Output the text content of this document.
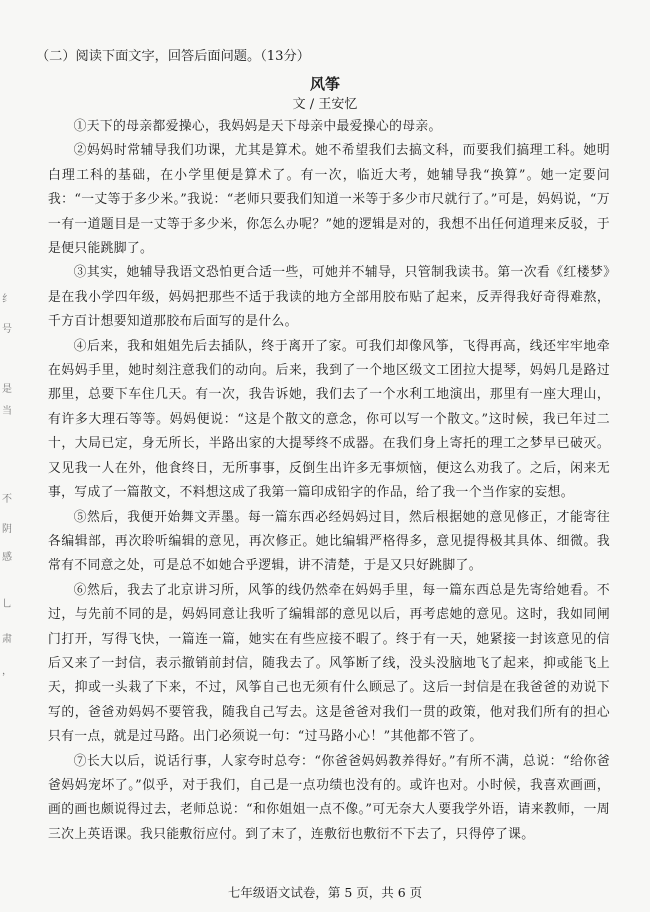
（二）阅读下面文字，回答后面问题。（13分）
风筝
文 / 王安忆

①天下的母亲都爱操心，我妈妈是天下母亲中最爱操心的母亲。

②妈妈时常辅导我们功课，尤其是算术。她不希望我们去搞文科，而要我们搞理工科。她明白理工科的基础，在小学里便是算术了。有一次，临近大考，她辅导我“换算”。她一定要问我：“一丈等于多少米。”我说：“老师只要我们知道一米等于多少市尺就行了。”可是，妈妈说，“万一有一道题目是一丈等于多少米，你怎么办呢？”她的逻辑是对的，我想不出任何道理来反驳，于是便只能跳脚了。

③其实，她辅导我语文恐怕更合适一些，可她并不辅导，只管制我读书。第一次看《红楼梦》是在我小学四年级，妈妈把那些不适于我读的地方全部用胶布贴了起来，反弄得我好奇得难熬，千方百计想要知道那胶布后面写的是什么。

④后来，我和姐姐先后去插队，终于离开了家。可我们却像风筝，飞得再高，线还牢牢地牵在妈妈手里，她时刻注意我们的动向。后来，我到了一个地区级文工团拉大提琴，妈妈几是路过那里，总要下车住几天。有一次，我告诉她，我们去了一个水利工地演出，那里有一座大理山，有许多大理石等等。妈妈便说：“这是个散文的意念，你可以写一个散文。”这时候，我已年过二十，大局已定，身无所长，半路出家的大提琴终不成器。在我们身上寄托的理工之梦早已破灭。又见我一人在外，他食终日，无所事事，反倒生出许多无事烦恼，便这么劝我了。之后，闲来无事，写成了一篇散文，不料想这成了我第一篇印成铅字的作品，给了我一个当作家的妄想。

⑤然后，我便开始舞文弄墨。每一篇东西必经妈妈过目，然后根据她的意见修正，才能寄往各编辑部，再次聆听编辑的意见，再次修正。她比编辑严格得多，意见提得极其具体、细微。我常有不同意之处，可是总不如她合乎逻辑，讲不清楚，于是又只好跳脚了。

⑥然后，我去了北京讲习所，风筝的线仍然牵在妈妈手里，每一篇东西总是先寄给她看。不过，与先前不同的是，妈妈同意让我听了编辑部的意见以后，再考虑她的意见。这时，我如同闸门打开，写得飞快，一篇连一篇，她实在有些应接不暇了。终于有一天，她紧接一封该意见的信后又来了一封信，表示撤销前封信，随我去了。风筝断了线，没头没脑地飞了起来，抑或能飞上天，抑或一头栽了下来，不过，风筝自己也无须有什么顾忌了。这后一封信是在我爸爸的劝说下写的，爸爸劝妈妈不要管我，随我自己写去。这是爸爸对我们一贯的政策，他对我们所有的担心只有一点，就是过马路。出门必须说一句：“过马路小心！”其他都不管了。

⑦长大以后，说话行事，人家夸时总夸：“你爸爸妈妈教养得好。”有所不满，总说：“给你爸爸妈妈宠坏了。”似乎，对于我们，自己是一点功绩也没有的。或许也对。小时候，我喜欢画画，画的画也颇说得过去，老师总说：“和你姐姐一点不像。”可无奈大人要我学外语，请来教师，一周三次上英语课。我只能敷衍应付。到了末了，连敷衍也敷衍不下去了，只得停了课。

纟
号
是
当
不
阴
感
乚
肃
，
七年级语文试卷，第 5 页，共 6 页
